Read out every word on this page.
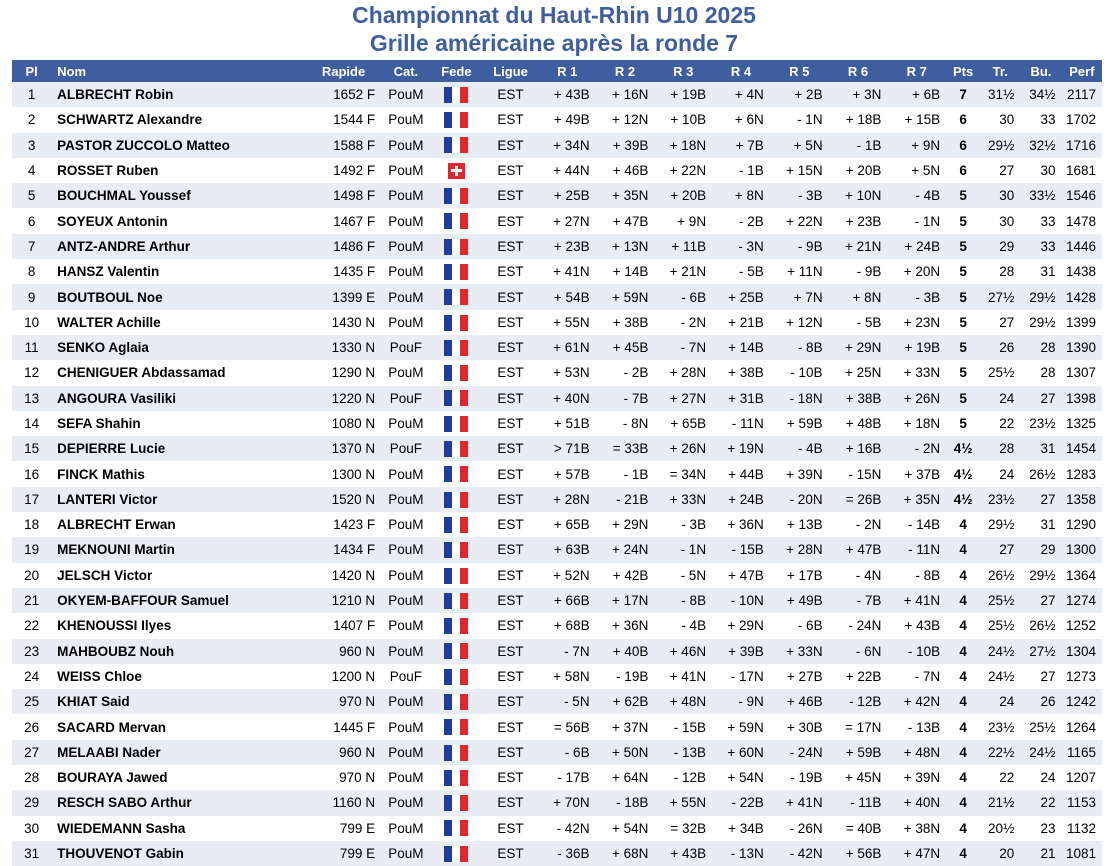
Championnat du Haut-Rhin U10 2025
Grille américaine après la ronde 7
Pl	Nom	Rapide	Cat.	Fede	Ligue	R 1	R 2	R 3	R 4	R 5	R 6	R 7	Pts	Tr.	Bu.	Perf
1	ALBRECHT Robin	1652 F	PouM		EST	+ 43B	+ 16N	+ 19B	+ 4N	+ 2B	+ 3N	+ 6B	7	31½	34½	2117
2	SCHWARTZ Alexandre	1544 F	PouM		EST	+ 49B	+ 12N	+ 10B	+ 6N	- 1N	+ 18B	+ 15B	6	30	33	1702
3	PASTOR ZUCCOLO Matteo	1588 F	PouM		EST	+ 34N	+ 39B	+ 18N	+ 7B	+ 5N	- 1B	+ 9N	6	29½	32½	1716
4	ROSSET Ruben	1492 F	PouM		EST	+ 44N	+ 46B	+ 22N	- 1B	+ 15N	+ 20B	+ 5N	6	27	30	1681
5	BOUCHMAL Youssef	1498 F	PouM		EST	+ 25B	+ 35N	+ 20B	+ 8N	- 3B	+ 10N	- 4B	5	30	33½	1546
6	SOYEUX Antonin	1467 F	PouM		EST	+ 27N	+ 47B	+ 9N	- 2B	+ 22N	+ 23B	- 1N	5	30	33	1478
7	ANTZ-ANDRE Arthur	1486 F	PouM		EST	+ 23B	+ 13N	+ 11B	- 3N	- 9B	+ 21N	+ 24B	5	29	33	1446
8	HANSZ Valentin	1435 F	PouM		EST	+ 41N	+ 14B	+ 21N	- 5B	+ 11N	- 9B	+ 20N	5	28	31	1438
9	BOUTBOUL Noe	1399 E	PouM		EST	+ 54B	+ 59N	- 6B	+ 25B	+ 7N	+ 8N	- 3B	5	27½	29½	1428
10	WALTER Achille	1430 N	PouM		EST	+ 55N	+ 38B	- 2N	+ 21B	+ 12N	- 5B	+ 23N	5	27	29½	1399
11	SENKO Aglaia	1330 N	PouF		EST	+ 61N	+ 45B	- 7N	+ 14B	- 8B	+ 29N	+ 19B	5	26	28	1390
12	CHENIGUER Abdassamad	1290 N	PouM		EST	+ 53N	- 2B	+ 28N	+ 38B	- 10B	+ 25N	+ 33N	5	25½	28	1307
13	ANGOURA Vasiliki	1220 N	PouF		EST	+ 40N	- 7B	+ 27N	+ 31B	- 18N	+ 38B	+ 26N	5	24	27	1398
14	SEFA Shahin	1080 N	PouM		EST	+ 51B	- 8N	+ 65B	- 11N	+ 59B	+ 48B	+ 18N	5	22	23½	1325
15	DEPIERRE Lucie	1370 N	PouF		EST	> 71B	= 33B	+ 26N	+ 19N	- 4B	+ 16B	- 2N	4½	28	31	1454
16	FINCK Mathis	1300 N	PouM		EST	+ 57B	- 1B	= 34N	+ 44B	+ 39N	- 15N	+ 37B	4½	24	26½	1283
17	LANTERI Victor	1520 N	PouM		EST	+ 28N	- 21B	+ 33N	+ 24B	- 20N	= 26B	+ 35N	4½	23½	27	1358
18	ALBRECHT Erwan	1423 F	PouM		EST	+ 65B	+ 29N	- 3B	+ 36N	+ 13B	- 2N	- 14B	4	29½	31	1290
19	MEKNOUNI Martin	1434 F	PouM		EST	+ 63B	+ 24N	- 1N	- 15B	+ 28N	+ 47B	- 11N	4	27	29	1300
20	JELSCH Victor	1420 N	PouM		EST	+ 52N	+ 42B	- 5N	+ 47B	+ 17B	- 4N	- 8B	4	26½	29½	1364
21	OKYEM-BAFFOUR Samuel	1210 N	PouM		EST	+ 66B	+ 17N	- 8B	- 10N	+ 49B	- 7B	+ 41N	4	25½	27	1274
22	KHENOUSSI Ilyes	1407 F	PouM		EST	+ 68B	+ 36N	- 4B	+ 29N	- 6B	- 24N	+ 43B	4	25½	26½	1252
23	MAHBOUBZ Nouh	960 N	PouM		EST	- 7N	+ 40B	+ 46N	+ 39B	+ 33N	- 6N	- 10B	4	24½	27½	1304
24	WEISS Chloe	1200 N	PouF		EST	+ 58N	- 19B	+ 41N	- 17N	+ 27B	+ 22B	- 7N	4	24½	27	1273
25	KHIAT Said	970 N	PouM		EST	- 5N	+ 62B	+ 48N	- 9N	+ 46B	- 12B	+ 42N	4	24	26	1242
26	SACARD Mervan	1445 F	PouM		EST	= 56B	+ 37N	- 15B	+ 59N	+ 30B	= 17N	- 13B	4	23½	25½	1264
27	MELAABI Nader	960 N	PouM		EST	- 6B	+ 50N	- 13B	+ 60N	- 24N	+ 59B	+ 48N	4	22½	24½	1165
28	BOURAYA Jawed	970 N	PouM		EST	- 17B	+ 64N	- 12B	+ 54N	- 19B	+ 45N	+ 39N	4	22	24	1207
29	RESCH SABO Arthur	1160 N	PouM		EST	+ 70N	- 18B	+ 55N	- 22B	+ 41N	- 11B	+ 40N	4	21½	22	1153
30	WIEDEMANN Sasha	799 E	PouM		EST	- 42N	+ 54N	= 32B	+ 34B	- 26N	= 40B	+ 38N	4	20½	23	1132
31	THOUVENOT Gabin	799 E	PouM		EST	- 36B	+ 68N	+ 43B	- 13N	- 42N	+ 56B	+ 47N	4	20	21	1081
